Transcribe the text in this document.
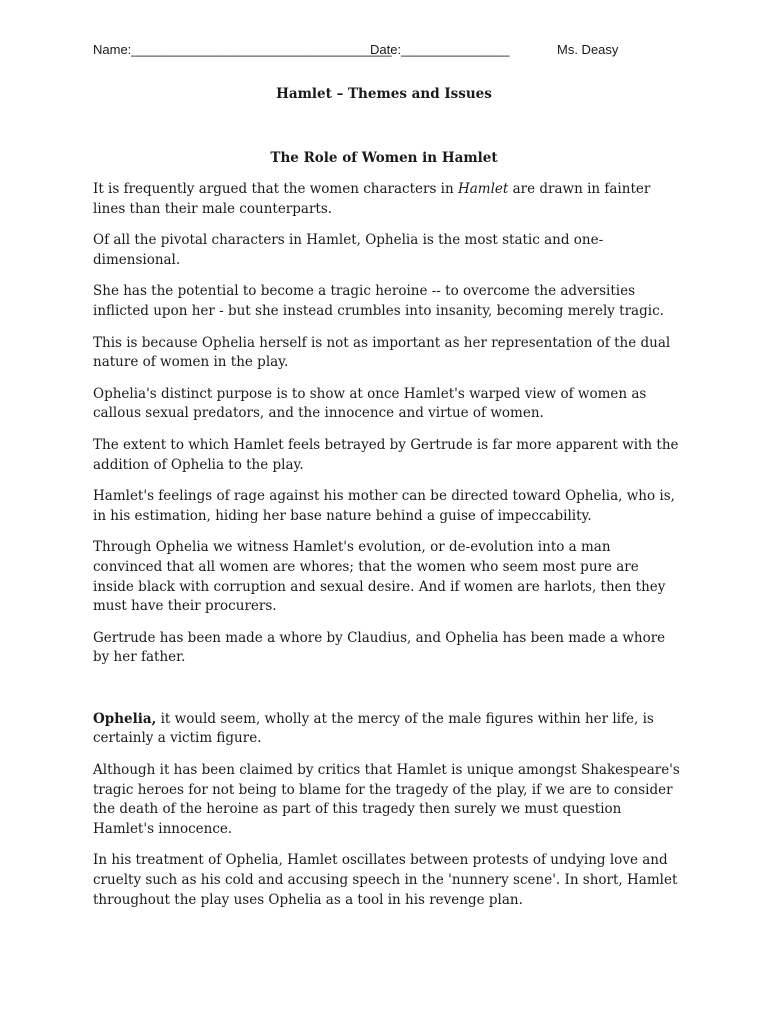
Name:____________________________________
Date:_______________	Ms. Deasy
Hamlet – Themes and Issues
The Role of Women in Hamlet

It is frequently argued that the women characters in Hamlet are drawn in fainter lines than their male counterparts.

Of all the pivotal characters in Hamlet, Ophelia is the most static and one-dimensional.

She has the potential to become a tragic heroine -- to overcome the adversities inflicted upon her - but she instead crumbles into insanity, becoming merely tragic.

This is because Ophelia herself is not as important as her representation of the dual nature of women in the play.

Ophelia's distinct purpose is to show at once Hamlet's warped view of women as callous sexual predators, and the innocence and virtue of women.

The extent to which Hamlet feels betrayed by Gertrude is far more apparent with the addition of Ophelia to the play.

Hamlet's feelings of rage against his mother can be directed toward Ophelia, who is, in his estimation, hiding her base nature behind a guise of impeccability.

Through Ophelia we witness Hamlet's evolution, or de-evolution into a man convinced that all women are whores; that the women who seem most pure are inside black with corruption and sexual desire. And if women are harlots, then they must have their procurers.

Gertrude has been made a whore by Claudius, and Ophelia has been made a whore by her father.

Ophelia, it would seem, wholly at the mercy of the male figures within her life, is certainly a victim figure.

Although it has been claimed by critics that Hamlet is unique amongst Shakespeare's tragic heroes for not being to blame for the tragedy of the play, if we are to consider the death of the heroine as part of this tragedy then surely we must question Hamlet's innocence.

In his treatment of Ophelia, Hamlet oscillates between protests of undying love and cruelty such as his cold and accusing speech in the 'nunnery scene'. In short, Hamlet throughout the play uses Ophelia as a tool in his revenge plan.
